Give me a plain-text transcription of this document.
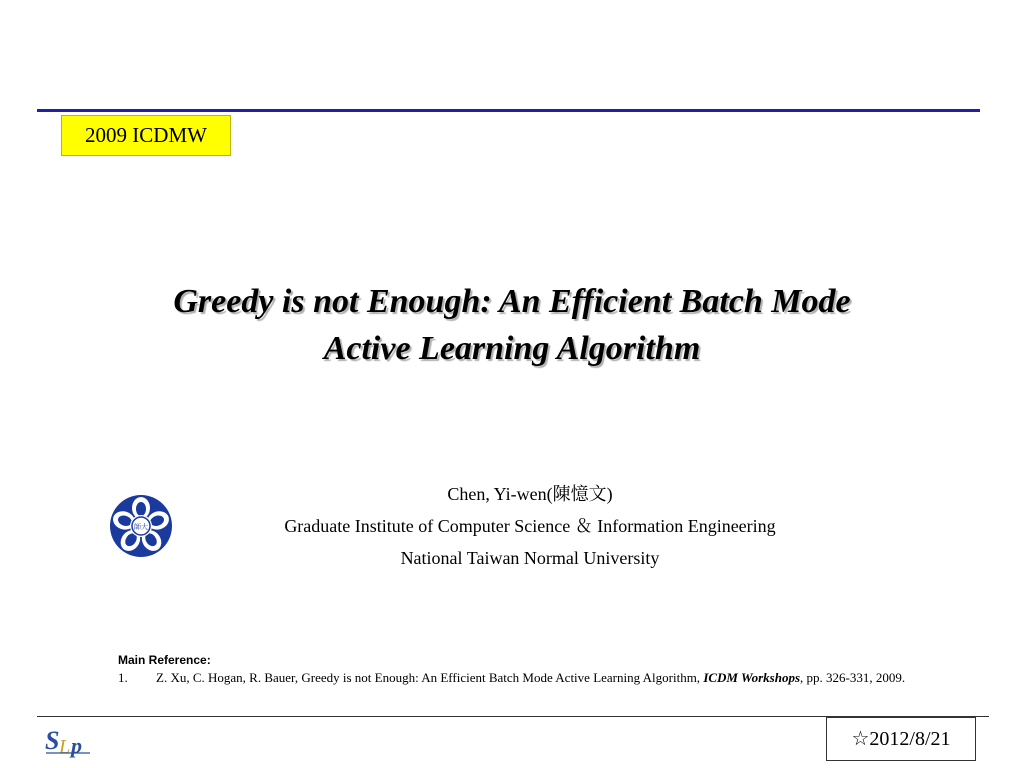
2009 ICDMW
Greedy is not Enough: An Efficient Batch Mode
Active Learning Algorithm
師大
Chen, Yi-wen(陳憶文)
Graduate Institute of Computer Science ＆ Information Engineering
National Taiwan Normal University
Main Reference:
1. Z. Xu, C. Hogan, R. Bauer, Greedy is not Enough: An Efficient Batch Mode Active Learning Algorithm, ICDM Workshops, pp. 326-331, 2009.
S L p	☆2012/8/21
